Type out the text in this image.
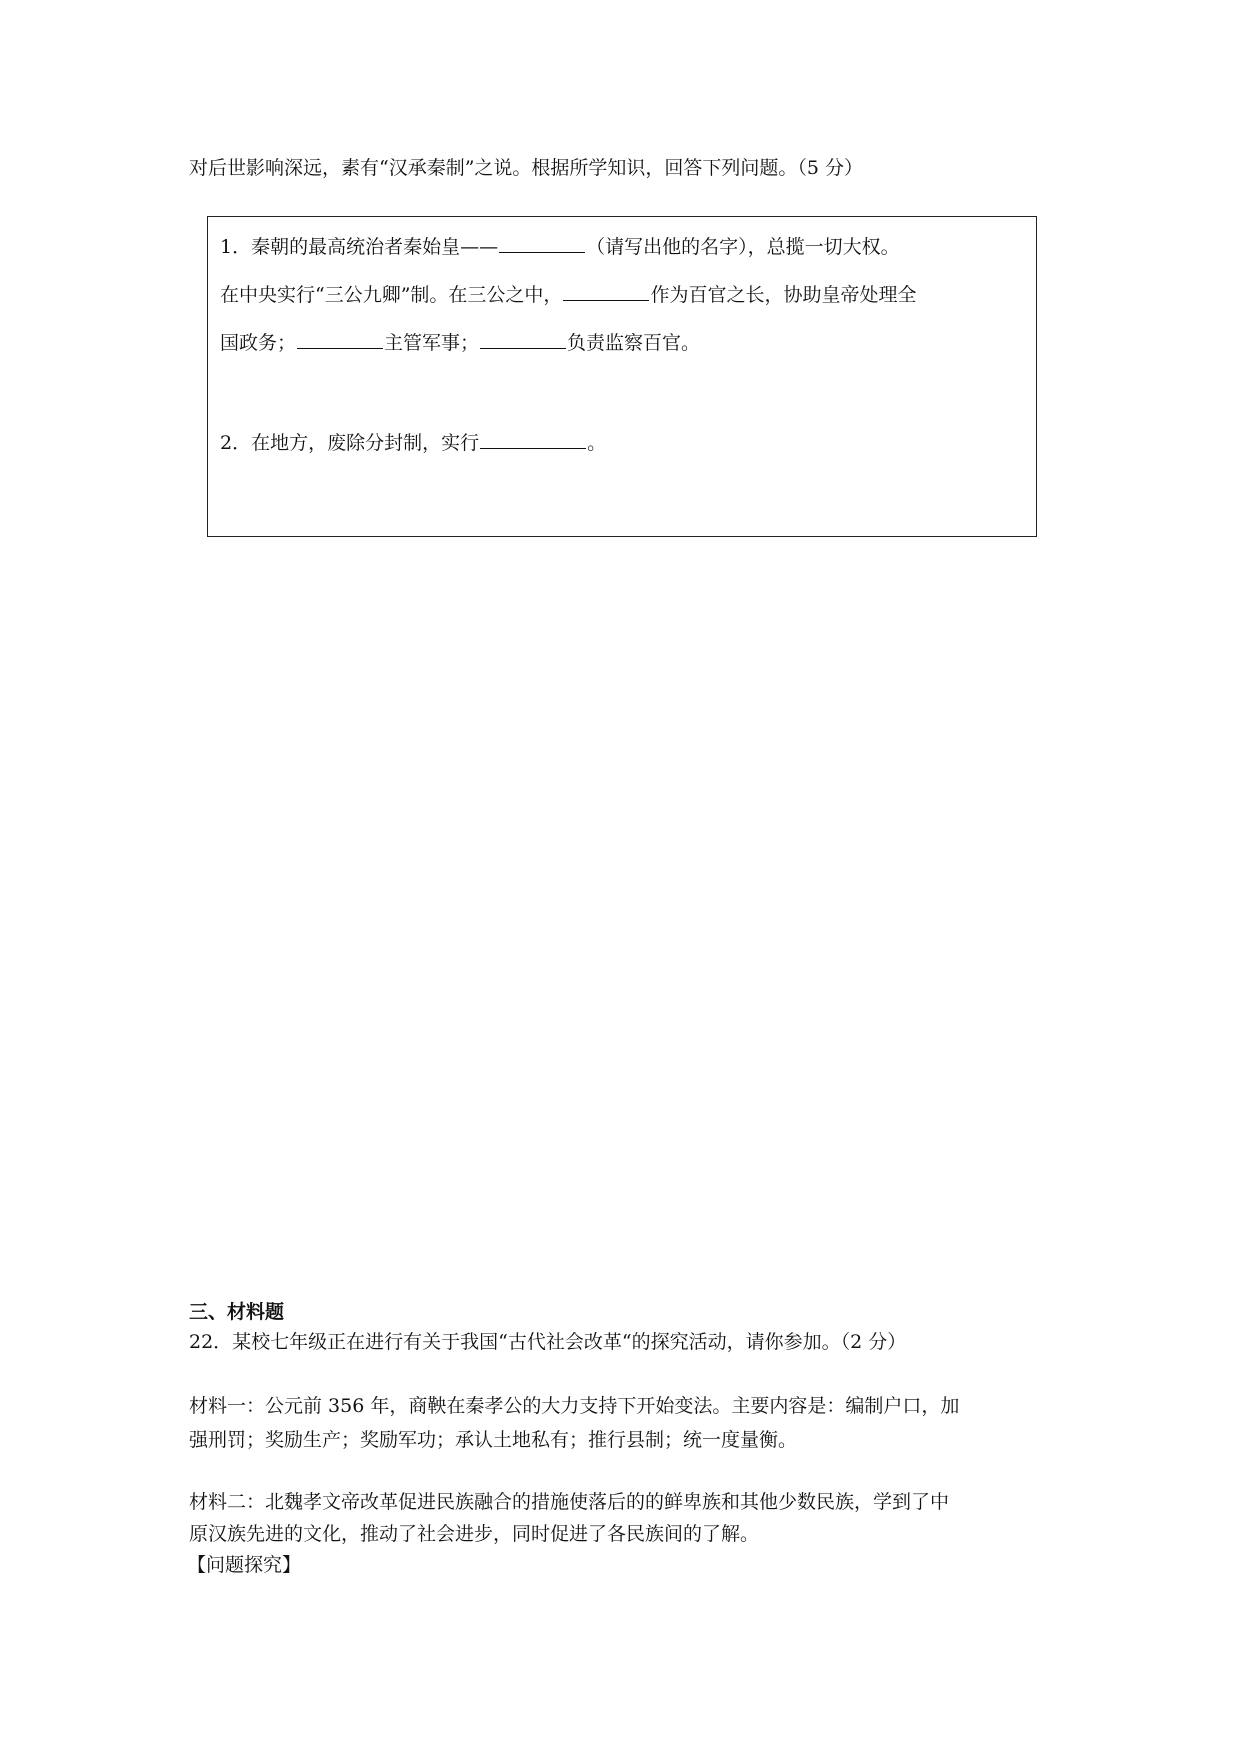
对后世影响深远，素有“汉承秦制”之说。根据所学知识，回答下列问题。（5 分）
1．秦朝的最高统治者秦始皇——	（请写出他的名字），总揽一切大权。
在中央实行“三公九卿”制。在三公之中，	作为百官之长，协助皇帝处理全
国政务；	主管军事；	负责监察百官。
2．在地方，废除分封制，实行	。
三、材料题
22．某校七年级正在进行有关于我国“古代社会改革“的探究活动，请你参加。（2 分）
材料一：公元前 356 年，商鞅在秦孝公的大力支持下开始变法。主要内容是：编制户口，加
强刑罚；奖励生产；奖励军功；承认土地私有；推行县制；统一度量衡。
材料二：北魏孝文帝改革促进民族融合的措施使落后的的鲜卑族和其他少数民族，学到了中
原汉族先进的文化，推动了社会进步，同时促进了各民族间的了解。
【问题探究】
